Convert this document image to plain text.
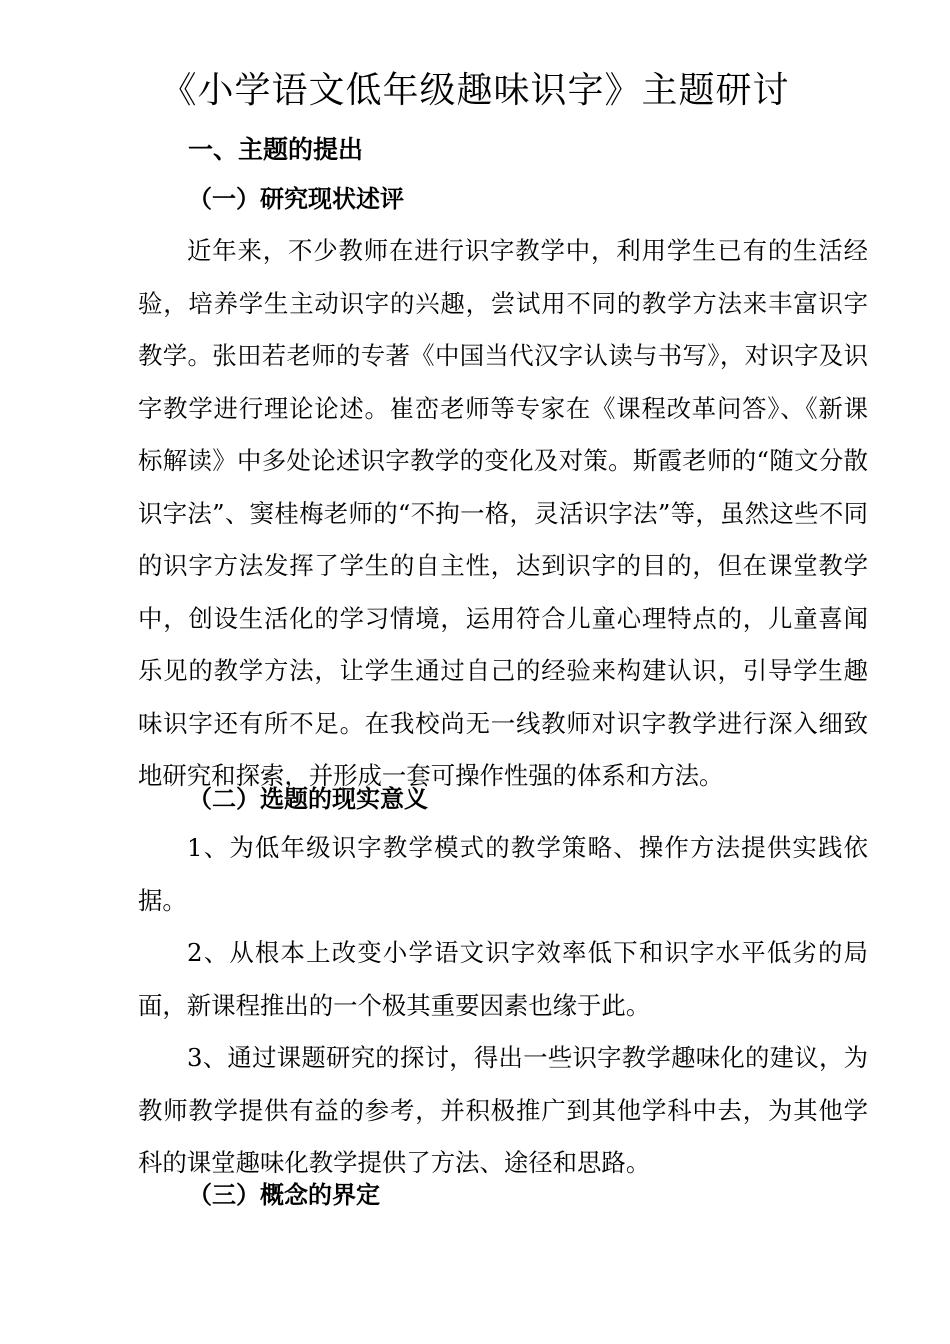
《小学语文低年级趣味识字》主题研讨
一、主题的提出
（一）研究现状述评

近年来，不少教师在进行识字教学中，利用学生已有的生活经验，培养学生主动识字的兴趣，尝试用不同的教学方法来丰富识字教学。张田若老师的专著《中国当代汉字认读与书写》，对识字及识字教学进行理论论述。崔峦老师等专家在《课程改革问答》、《新课标解读》中多处论述识字教学的变化及对策。斯霞老师的“随文分散识字法”、窦桂梅老师的“不拘一格，灵活识字法”等，虽然这些不同的识字方法发挥了学生的自主性，达到识字的目的，但在课堂教学中，创设生活化的学习情境，运用符合儿童心理特点的，儿童喜闻乐见的教学方法，让学生通过自己的经验来构建认识，引导学生趣味识字还有所不足。在我校尚无一线教师对识字教学进行深入细致地研究和探索，并形成一套可操作性强的体系和方法。

（二）选题的现实意义

1、为低年级识字教学模式的教学策略、操作方法提供实践依据。

2、从根本上改变小学语文识字效率低下和识字水平低劣的局面，新课程推出的一个极其重要因素也缘于此。

3、通过课题研究的探讨，得出一些识字教学趣味化的建议，为教师教学提供有益的参考，并积极推广到其他学科中去，为其他学科的课堂趣味化教学提供了方法、途径和思路。

（三）概念的界定
